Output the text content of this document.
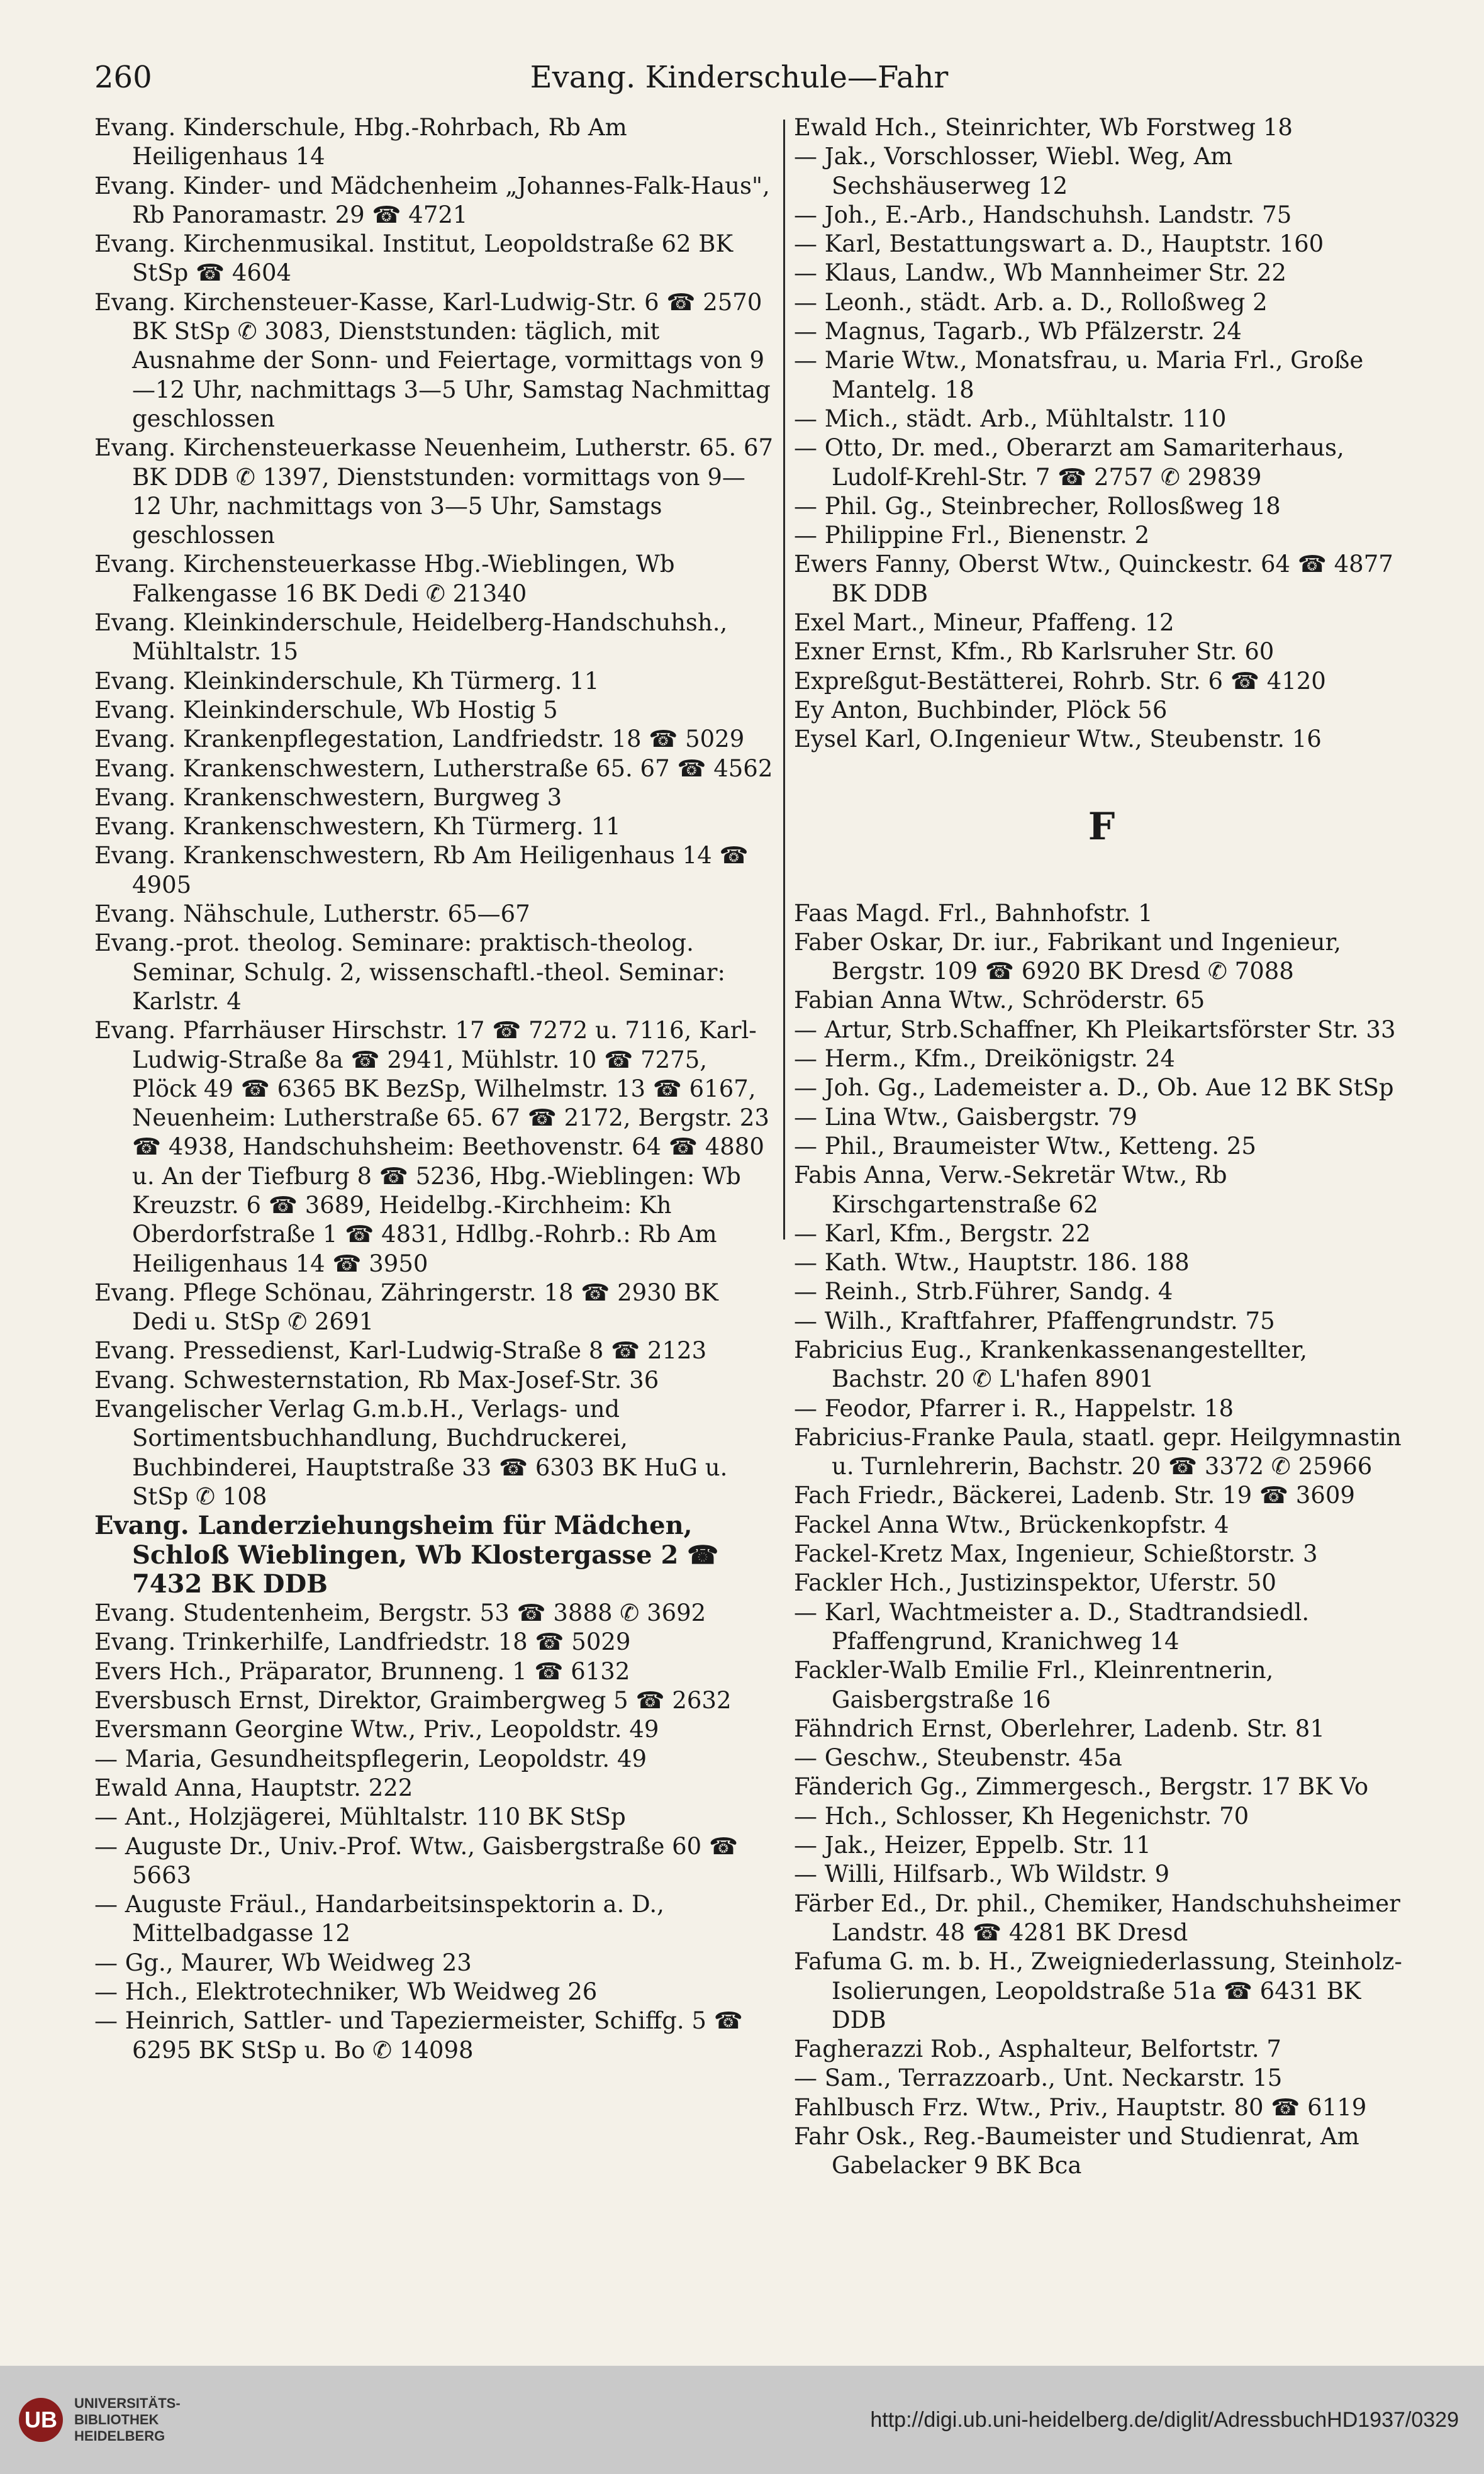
260	Evang. Kinderschule—Fahr

Evang. Kinderschule, Hbg.-Rohrbach, Rb Am Heiligenhaus 14

Evang. Kinder- und Mädchenheim „Johannes-Falk-Haus", Rb Panoramastr. 29 ☎ 4721

Evang. Kirchenmusikal. Institut, Leopoldstraße 62 BK StSp ☎ 4604

Evang. Kirchensteuer-Kasse, Karl-Ludwig-Str. 6 ☎ 2570 BK StSp ✆ 3083, Dienststunden: täglich, mit Ausnahme der Sonn- und Feiertage, vormittags von 9—12 Uhr, nachmittags 3—5 Uhr, Samstag Nachmittag geschlossen

Evang. Kirchensteuerkasse Neuenheim, Lutherstr. 65. 67 BK DDB ✆ 1397, Dienststunden: vormittags von 9—12 Uhr, nachmittags von 3—5 Uhr, Samstags geschlossen

Evang. Kirchensteuerkasse Hbg.-Wieblingen, Wb Falkengasse 16 BK Dedi ✆ 21340

Evang. Kleinkinderschule, Heidelberg-Handschuhsh., Mühltalstr. 15

Evang. Kleinkinderschule, Kh Türmerg. 11

Evang. Kleinkinderschule, Wb Hostig 5

Evang. Krankenpflegestation, Landfriedstr. 18 ☎ 5029

Evang. Krankenschwestern, Lutherstraße 65. 67 ☎ 4562

Evang. Krankenschwestern, Burgweg 3

Evang. Krankenschwestern, Kh Türmerg. 11

Evang. Krankenschwestern, Rb Am Heiligenhaus 14 ☎ 4905

Evang. Nähschule, Lutherstr. 65—67

Evang.-prot. theolog. Seminare: praktisch-theolog. Seminar, Schulg. 2, wissenschaftl.-theol. Seminar: Karlstr. 4

Evang. Pfarrhäuser Hirschstr. 17 ☎ 7272 u. 7116, Karl-Ludwig-Straße 8a ☎ 2941, Mühlstr. 10 ☎ 7275, Plöck 49 ☎ 6365 BK BezSp, Wilhelmstr. 13 ☎ 6167, Neuenheim: Lutherstraße 65. 67 ☎ 2172, Bergstr. 23 ☎ 4938, Handschuhsheim: Beethovenstr. 64 ☎ 4880 u. An der Tiefburg 8 ☎ 5236, Hbg.-Wieblingen: Wb Kreuzstr. 6 ☎ 3689, Heidelbg.-Kirchheim: Kh Oberdorfstraße 1 ☎ 4831, Hdlbg.-Rohrb.: Rb Am Heiligenhaus 14 ☎ 3950

Evang. Pflege Schönau, Zähringerstr. 18 ☎ 2930 BK Dedi u. StSp ✆ 2691

Evang. Pressedienst, Karl-Ludwig-Straße 8 ☎ 2123

Evang. Schwesternstation, Rb Max-Josef-Str. 36

Evangelischer Verlag G.m.b.H., Verlags- und Sortimentsbuchhandlung, Buchdruckerei, Buchbinderei, Hauptstraße 33 ☎ 6303 BK HuG u. StSp ✆ 108

Evang. Landerziehungsheim für Mädchen, Schloß Wieblingen, Wb Klostergasse 2 ☎ 7432 BK DDB

Evang. Studentenheim, Bergstr. 53 ☎ 3888 ✆ 3692

Evang. Trinkerhilfe, Landfriedstr. 18 ☎ 5029

Evers Hch., Präparator, Brunneng. 1 ☎ 6132

Eversbusch Ernst, Direktor, Graimbergweg 5 ☎ 2632

Eversmann Georgine Wtw., Priv., Leopoldstr. 49

— Maria, Gesundheitspflegerin, Leopoldstr. 49

Ewald Anna, Hauptstr. 222

— Ant., Holzjägerei, Mühltalstr. 110 BK StSp

— Auguste Dr., Univ.-Prof. Wtw., Gaisbergstraße 60 ☎ 5663

— Auguste Fräul., Handarbeitsinspektorin a. D., Mittelbadgasse 12

— Gg., Maurer, Wb Weidweg 23

— Hch., Elektrotechniker, Wb Weidweg 26

— Heinrich, Sattler- und Tapeziermeister, Schiffg. 5 ☎ 6295 BK StSp u. Bo ✆ 14098

Ewald Hch., Steinrichter, Wb Forstweg 18

— Jak., Vorschlosser, Wiebl. Weg, Am Sechshäuserweg 12

— Joh., E.-Arb., Handschuhsh. Landstr. 75

— Karl, Bestattungswart a. D., Hauptstr. 160

— Klaus, Landw., Wb Mannheimer Str. 22

— Leonh., städt. Arb. a. D., Rolloßweg 2

— Magnus, Tagarb., Wb Pfälzerstr. 24

— Marie Wtw., Monatsfrau, u. Maria Frl., Große Mantelg. 18

— Mich., städt. Arb., Mühltalstr. 110

— Otto, Dr. med., Oberarzt am Samariterhaus, Ludolf-Krehl-Str. 7 ☎ 2757 ✆ 29839

— Phil. Gg., Steinbrecher, Rollosßweg 18

— Philippine Frl., Bienenstr. 2

Ewers Fanny, Oberst Wtw., Quinckestr. 64 ☎ 4877 BK DDB

Exel Mart., Mineur, Pfaffeng. 12

Exner Ernst, Kfm., Rb Karlsruher Str. 60

Expreßgut-Bestätterei, Rohrb. Str. 6 ☎ 4120

Ey Anton, Buchbinder, Plöck 56

Eysel Karl, O.Ingenieur Wtw., Steubenstr. 16

F

Faas Magd. Frl., Bahnhofstr. 1

Faber Oskar, Dr. iur., Fabrikant und Ingenieur, Bergstr. 109 ☎ 6920 BK Dresd ✆ 7088

Fabian Anna Wtw., Schröderstr. 65

— Artur, Strb.Schaffner, Kh Pleikartsförster Str. 33

— Herm., Kfm., Dreikönigstr. 24

— Joh. Gg., Lademeister a. D., Ob. Aue 12 BK StSp

— Lina Wtw., Gaisbergstr. 79

— Phil., Braumeister Wtw., Ketteng. 25

Fabis Anna, Verw.-Sekretär Wtw., Rb Kirschgartenstraße 62

— Karl, Kfm., Bergstr. 22

— Kath. Wtw., Hauptstr. 186. 188

— Reinh., Strb.Führer, Sandg. 4

— Wilh., Kraftfahrer, Pfaffengrundstr. 75

Fabricius Eug., Krankenkassenangestellter, Bachstr. 20 ✆ L'hafen 8901

— Feodor, Pfarrer i. R., Happelstr. 18

Fabricius-Franke Paula, staatl. gepr. Heilgymnastin u. Turnlehrerin, Bachstr. 20 ☎ 3372 ✆ 25966

Fach Friedr., Bäckerei, Ladenb. Str. 19 ☎ 3609

Fackel Anna Wtw., Brückenkopfstr. 4

Fackel-Kretz Max, Ingenieur, Schießtorstr. 3

Fackler Hch., Justizinspektor, Uferstr. 50

— Karl, Wachtmeister a. D., Stadtrandsiedl. Pfaffengrund, Kranichweg 14

Fackler-Walb Emilie Frl., Kleinrentnerin, Gaisbergstraße 16

Fähndrich Ernst, Oberlehrer, Ladenb. Str. 81

— Geschw., Steubenstr. 45a

Fänderich Gg., Zimmergesch., Bergstr. 17 BK Vo

— Hch., Schlosser, Kh Hegenichstr. 70

— Jak., Heizer, Eppelb. Str. 11

— Willi, Hilfsarb., Wb Wildstr. 9

Färber Ed., Dr. phil., Chemiker, Handschuhsheimer Landstr. 48 ☎ 4281 BK Dresd

Fafuma G. m. b. H., Zweigniederlassung, Steinholz-Isolierungen, Leopoldstraße 51a ☎ 6431 BK DDB

Fagherazzi Rob., Asphalteur, Belfortstr. 7

— Sam., Terrazzoarb., Unt. Neckarstr. 15

Fahlbusch Frz. Wtw., Priv., Hauptstr. 80 ☎ 6119

Fahr Osk., Reg.-Baumeister und Studienrat, Am Gabelacker 9 BK Bca

UB
UNIVERSITÄTS-
BIBLIOTHEK
HEIDELBERG
http://digi.ub.uni-heidelberg.de/diglit/AdressbuchHD1937/0329
